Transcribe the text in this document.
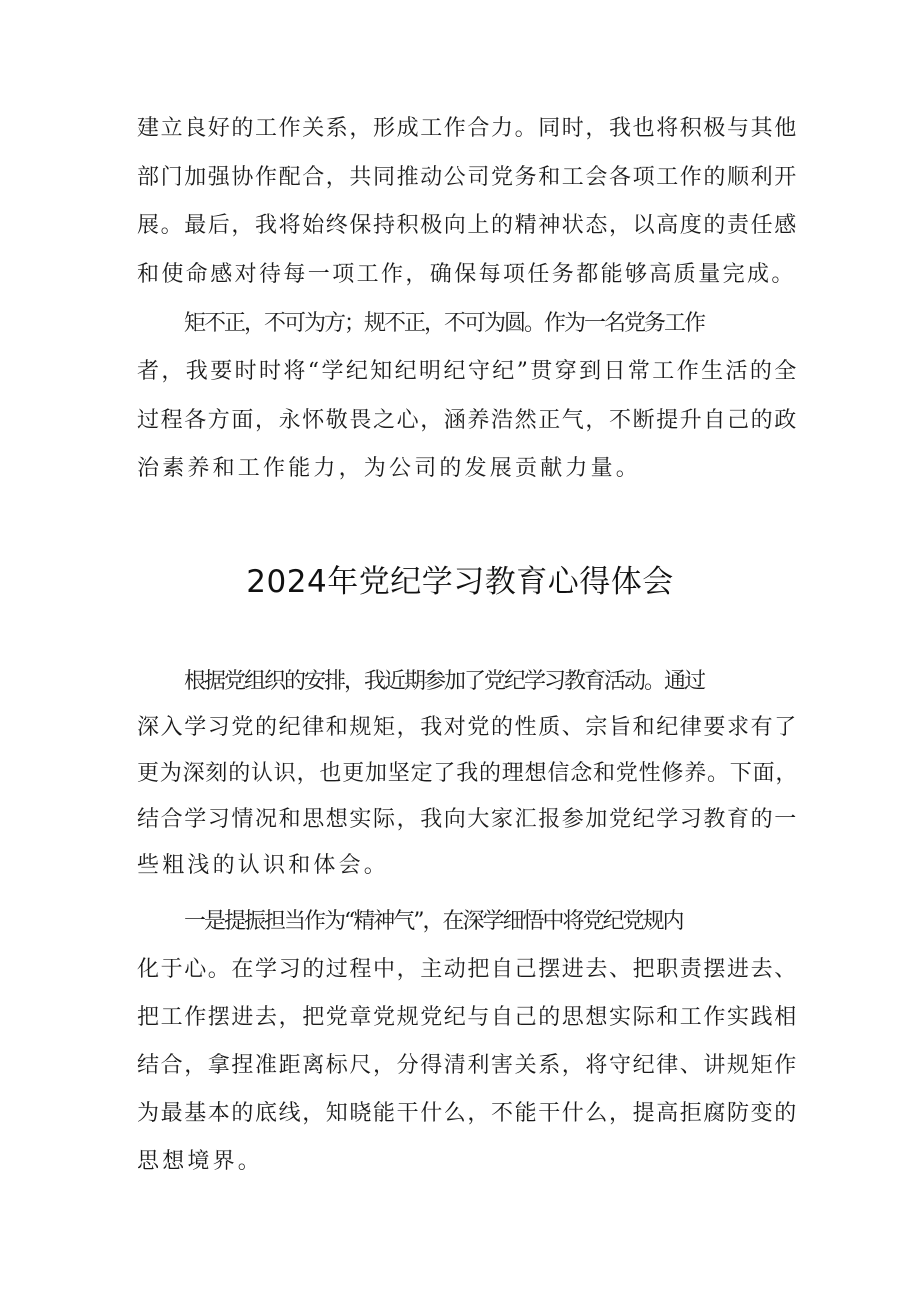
建立良好的工作关系，形成工作合力。同时，我也将积极与其他

部门加强协作配合，共同推动公司党务和工会各项工作的顺利开

展。最后，我将始终保持积极向上的精神状态，以高度的责任感

和使命感对待每一项工作，确保每项任务都能够高质量完成。

矩不正，不可为方；规不正，不可为圆。作为一名党务工作

者，我要时时将“学纪知纪明纪守纪”贯穿到日常工作生活的全

过程各方面，永怀敬畏之心，涵养浩然正气，不断提升自己的政

治素养和工作能力，为公司的发展贡献力量。

2024年党纪学习教育心得体会

根据党组织的安排，我近期参加了党纪学习教育活动。通过

深入学习党的纪律和规矩，我对党的性质、宗旨和纪律要求有了

更为深刻的认识，也更加坚定了我的理想信念和党性修养。下面，

结合学习情况和思想实际，我向大家汇报参加党纪学习教育的一

些粗浅的认识和体会。

一是提振担当作为“精神气”，在深学细悟中将党纪党规内

化于心。在学习的过程中，主动把自己摆进去、把职责摆进去、

把工作摆进去，把党章党规党纪与自己的思想实际和工作实践相

结合，拿捏准距离标尺，分得清利害关系，将守纪律、讲规矩作

为最基本的底线，知晓能干什么，不能干什么，提高拒腐防变的

思想境界。
